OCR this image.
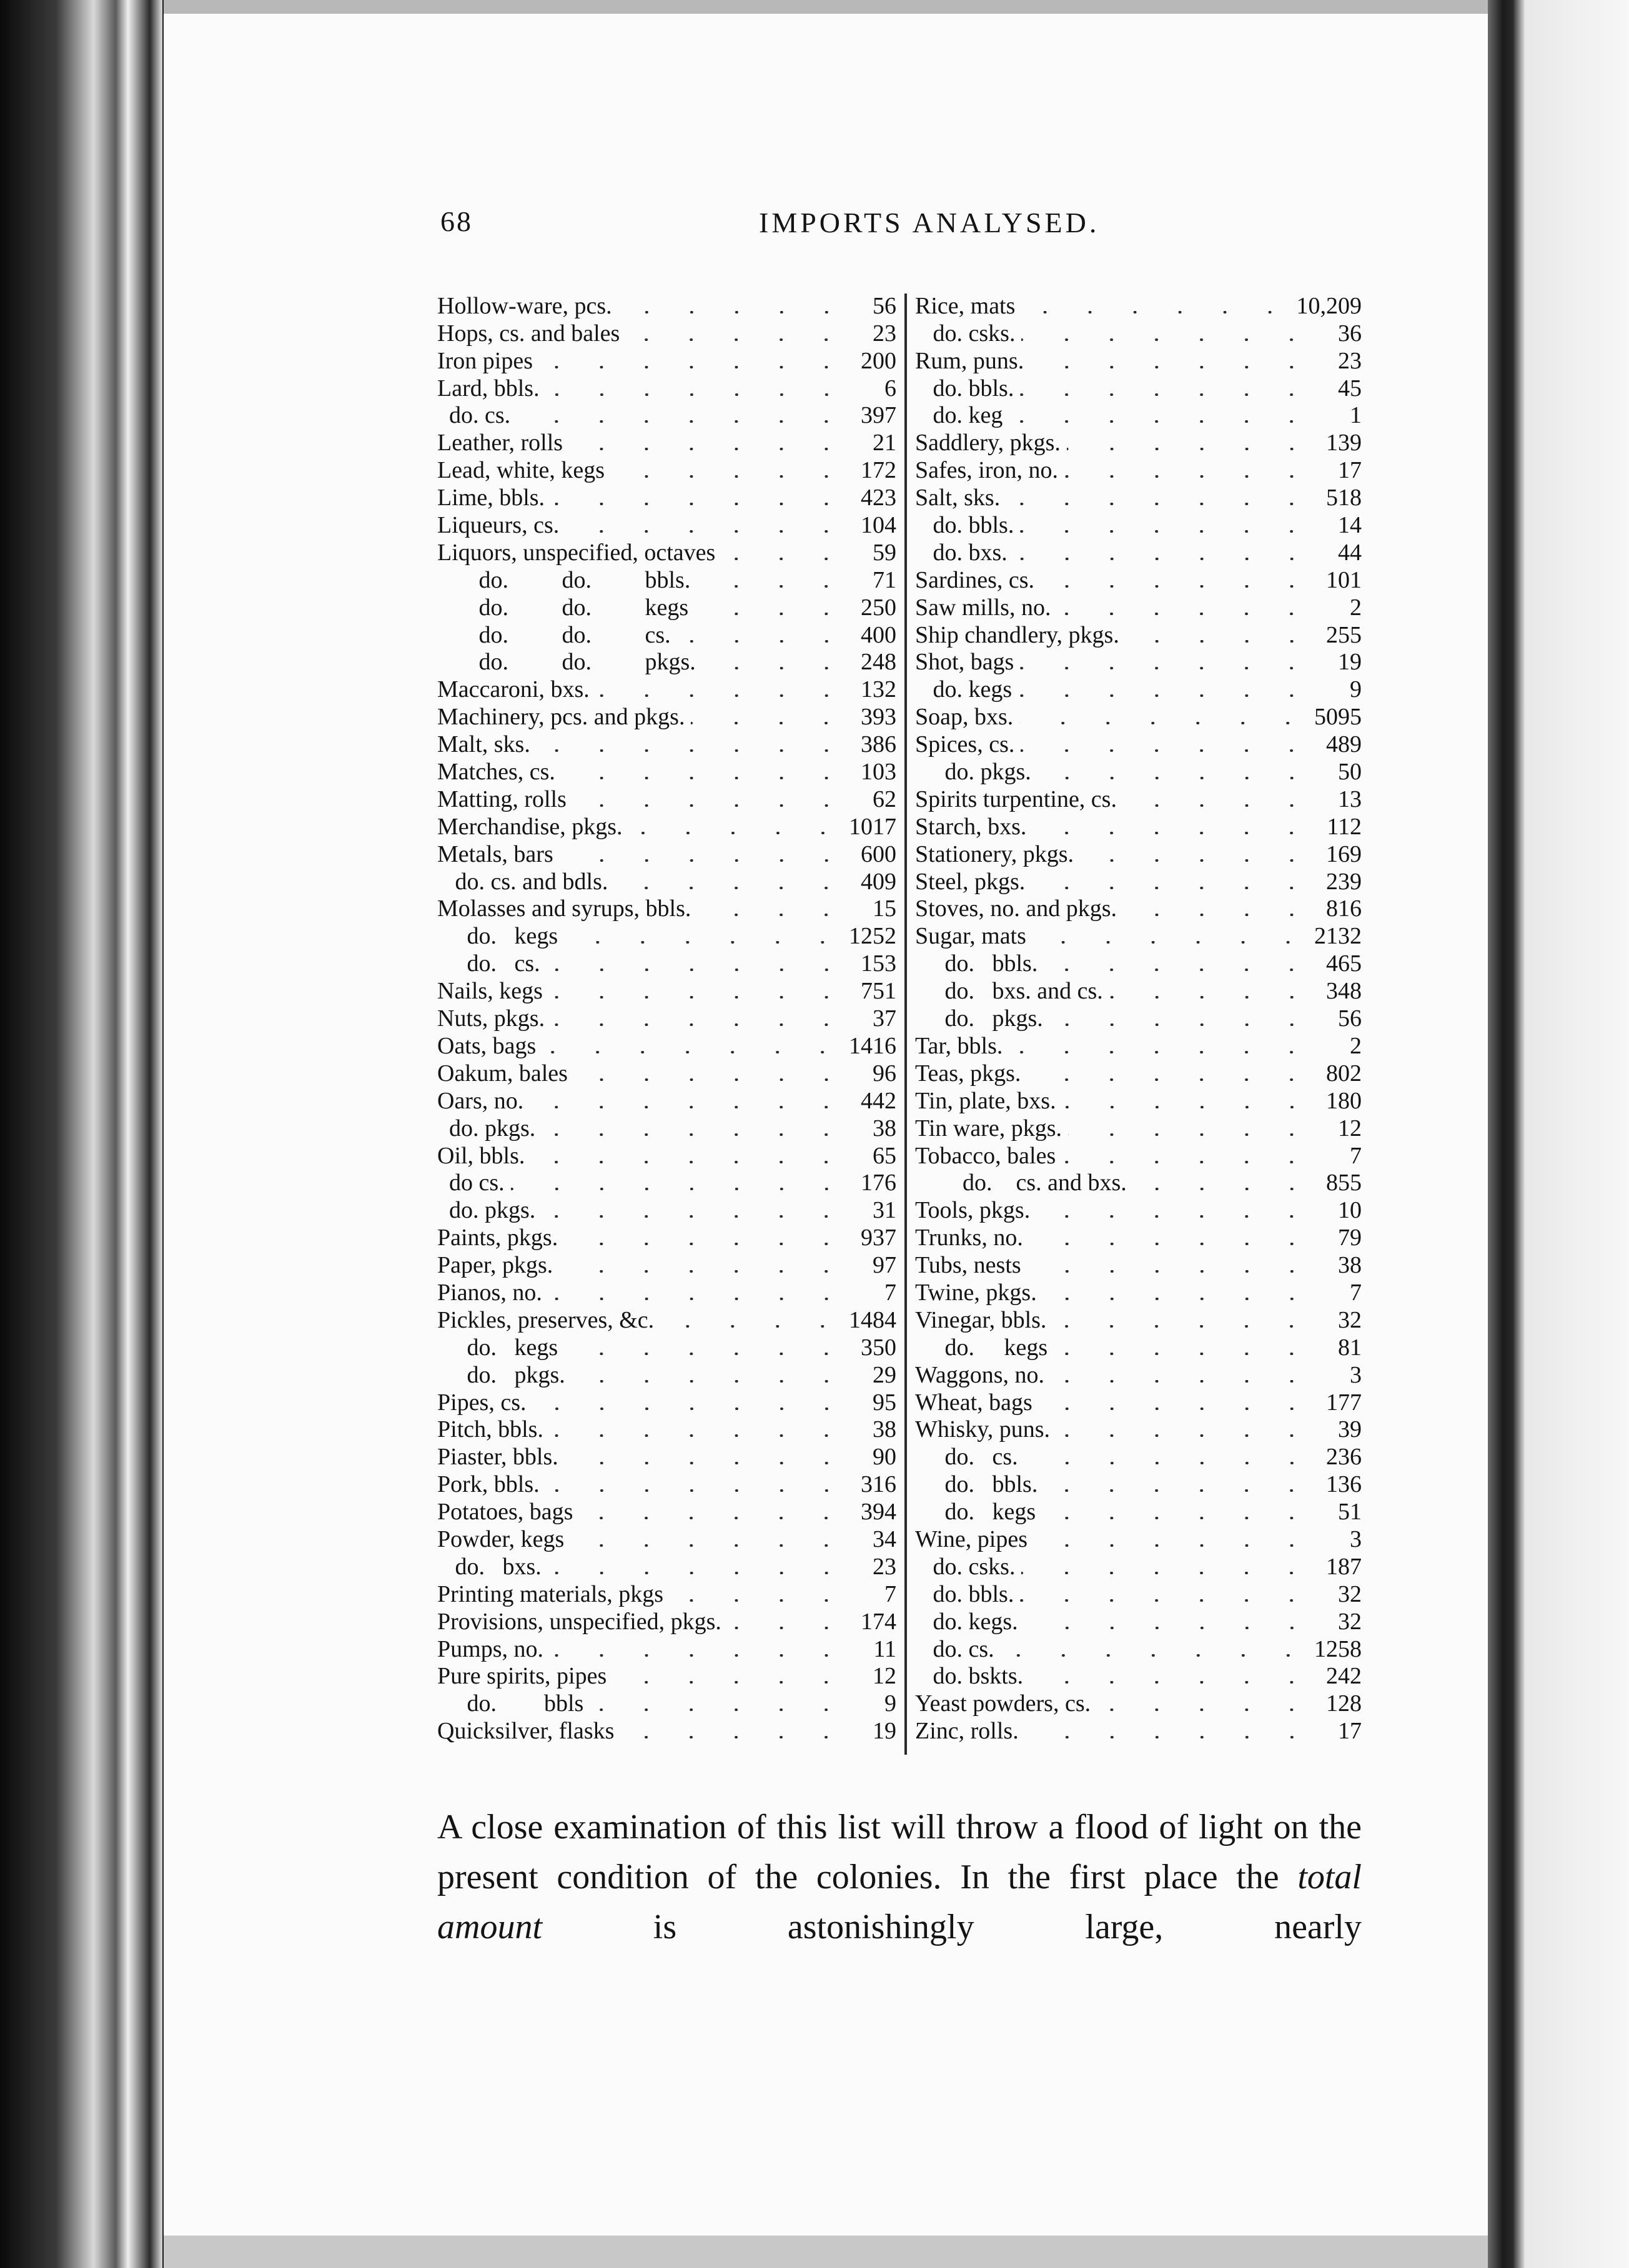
68	IMPORTS ANALYSED.
Hollow-ware, pcs.	56
Hops, cs. and bales	23
Iron pipes	200
Lard, bbls.	6
do. cs.	397
Leather, rolls	21
Lead, white, kegs	172
Lime, bbls.	423
Liqueurs, cs.	104
Liquors, unspecified, octaves	59
do.         do.         bbls.	71
do.         do.         kegs	250
do.         do.         cs.	400
do.         do.         pkgs.	248
Maccaroni, bxs.	132
Machinery, pcs. and pkgs.	393
Malt, sks.	386
Matches, cs.	103
Matting, rolls	62
Merchandise, pkgs.	1017
Metals, bars	600
do. cs. and bdls.	409
Molasses and syrups, bbls.	15
do.   kegs	1252
do.   cs.	153
Nails, kegs	751
Nuts, pkgs.	37
Oats, bags	1416
Oakum, bales	96
Oars, no.	442
do. pkgs.	38
Oil, bbls.	65
do cs.	176
do. pkgs.	31
Paints, pkgs.	937
Paper, pkgs.	97
Pianos, no.	7
Pickles, preserves, &c.	1484
do.   kegs	350
do.   pkgs.	29
Pipes, cs.	95
Pitch, bbls.	38
Piaster, bbls.	90
Pork, bbls.	316
Potatoes, bags	394
Powder, kegs	34
do.   bxs.	23
Printing materials, pkgs	7
Provisions, unspecified, pkgs.	174
Pumps, no.	11
Pure spirits, pipes	12
do.        bbls	9
Quicksilver, flasks	19
Rice, mats	10,209
do. csks.	36
Rum, puns.	23
do. bbls.	45
do. keg	1
Saddlery, pkgs.	139
Safes, iron, no.	17
Salt, sks.	518
do. bbls.	14
do. bxs.	44
Sardines, cs.	101
Saw mills, no.	2
Ship chandlery, pkgs.	255
Shot, bags	19
do. kegs	9
Soap, bxs.	5095
Spices, cs.	489
do. pkgs.	50
Spirits turpentine, cs.	13
Starch, bxs.	112
Stationery, pkgs.	169
Steel, pkgs.	239
Stoves, no. and pkgs.	816
Sugar, mats	2132
do.   bbls.	465
do.   bxs. and cs.	348
do.   pkgs.	56
Tar, bbls.	2
Teas, pkgs.	802
Tin, plate, bxs.	180
Tin ware, pkgs.	12
Tobacco, bales	7
do.    cs. and bxs.	855
Tools, pkgs.	10
Trunks, no.	79
Tubs, nests	38
Twine, pkgs.	7
Vinegar, bbls.	32
do.     kegs	81
Waggons, no.	3
Wheat, bags	177
Whisky, puns.	39
do.   cs.	236
do.   bbls.	136
do.   kegs	51
Wine, pipes	3
do. csks.	187
do. bbls.	32
do. kegs.	32
do. cs.	1258
do. bskts.	242
Yeast powders, cs.	128
Zinc, rolls.	17

A close examination of this list will throw a flood of light on the present condition of the colonies. In the first place the total amount is astonishingly large, nearly
